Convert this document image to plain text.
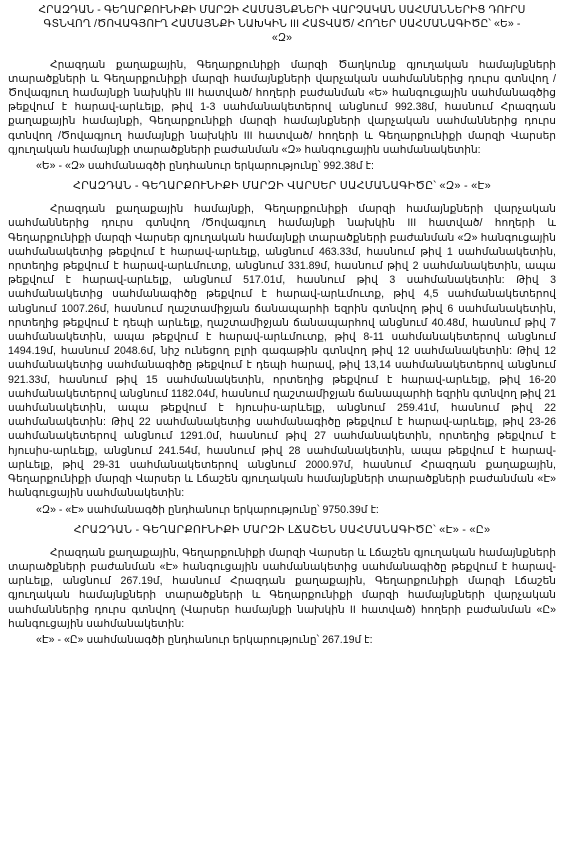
ՀՐԱԶԴԱՆ - ԳԵՂԱՐՔՈՒՆԻՔԻ ՄԱՐԶԻ ՀԱՄԱՅՆՔՆԵՐԻ ՎԱՐՉԱԿԱՆ ՍԱՀՄԱՆՆԵՐԻՑ ԴՈՒՐՍ
ԳՏՆՎՈՂ /ԾՈՎԱԳՅՈՒՂ ՀԱՄԱՅՆՔԻ ՆԱԽԿԻՆ III ՀԱՏՎԱԾ/ ՀՈՂԵՐ ՍԱՀՄԱՆԱԳԻԾԸ՝ «Ե» -
«Զ»

Հրազդան քաղաքային, Գեղարքունիքի մարզի Ծաղկունք գյուղական համայնքների տարածքների և Գեղարքունիքի մարզի համայնքների վարչական սահմաններից դուրս գտնվող /Ծովագյուղ համայնքի նախկին III հատված/ հողերի բաժանման «Ե» հանգուցային սահմանագծից թեքվում է հարավ-արևելք, թիվ 1-3 սահմանակետերով անցնում 992.38մ, հասնում Հրազդան քաղաքային համայնքի, Գեղարքունիքի մարզի համայնքների վարչական սահմաններից դուրս գտնվող /Ծովագյուղ համայնքի նախկին III հատված/ հողերի և Գեղարքունիքի մարզի Վարսեր գյուղական համայնքի տարածքների բաժանման «Զ» հանգուցային սահմանակետին:

«Ե» - «Զ» սահմանագծի ընդհանուր երկարությունը՝ 992.38մ է:

ՀՐԱԶԴԱՆ - ԳԵՂԱՐՔՈՒՆԻՔԻ ՄԱՐԶԻ ՎԱՐՍԵՐ ՍԱՀՄԱՆԱԳԻԾԸ՝ «Զ» - «Է»

Հրազդան քաղաքային համայնքի, Գեղարքունիքի մարզի համայնքների վարչական սահմաններից դուրս գտնվող /Ծովագյուղ համայնքի նախկին III հատված/ հողերի և Գեղարքունիքի մարզի Վարսեր գյուղական համայնքի տարածքների բաժանման «Զ» հանգուցային սահմանակետից թեքվում է հարավ-արևելք, անցնում 463.33մ, հասնում թիվ 1 սահմանակետին, որտեղից թեքվում է հարավ-արևմուտք, անցնում 331.89մ, հասնում թիվ 2 սահմանակետին, ապա թեքվում է հարավ-արևելք, անցնում 517.01մ, հասնում թիվ 3 սահմանակետին: Թիվ 3 սահմանակետից սահմանագիծը թեքվում է հարավ-արևմուտք, թիվ 4,5 սահմանակետերով անցնում 1007.26մ, հասնում ղաշտամիջյան ճանապարհի եզրին գտնվող թիվ 6 սահմանակետին, որտեղից թեքվում է դեպի արևելք, ղաշտամիջյան ճանապարհով անցնում 40.48մ, հասնում թիվ 7 սահմանակետին, ապա թեքվում է հարավ-արևմուտք, թիվ 8-11 սահմանակետերով անցնում 1494.19մ, հասնում 2048.6մ, նիշ ունեցող բլրի գագաթին գտնվող թիվ 12 սահմանակետին: Թիվ 12 սահմանակետից սահմանագիծը թեքվում է դեպի հարավ, թիվ 13,14 սահմանակետերով անցնում 921.33մ, հասնում թիվ 15 սահմանակետին, որտեղից թեքվում է հարավ-արևելք, թիվ 16-20 սահմանակետերով անցնում 1182.04մ, հասնում ղաշտամիջյան ճանապարհի եզրին գտնվող թիվ 21 սահմանակետին, ապա թեքվում է հյուսիս-արևելք, անցնում 259.41մ, հասնում թիվ 22 սահմանակետին: Թիվ 22 սահմանակետից սահմանագիծը թեքվում է հարավ-արևելք, թիվ 23-26 սահմանակետերով անցնում 1291.0մ, հասնում թիվ 27 սահմանակետին, որտեղից թեքվում է հյուսիս-արևելք, անցնում 241.54մ, հասնում թիվ 28 սահմանակետին, ապա թեքվում է հարավ-արևելք, թիվ 29-31 սահմանակետերով անցնում 2000.97մ, հասնում Հրազդան քաղաքային, Գեղարքունիքի մարզի Վարսեր և Լճաշեն գյուղական համայնքների տարածքների բաժանման «Է» հանգուցային սահմանակետին:

«Զ» - «Է» սահմանագծի ընդհանուր երկարությունը՝ 9750.39մ է:

ՀՐԱԶԴԱՆ - ԳԵՂԱՐՔՈՒՆԻՔԻ ՄԱՐԶԻ ԼՃԱՇԵՆ ՍԱՀՄԱՆԱԳԻԾԸ՝ «Է» - «Ը»

Հրազդան քաղաքային, Գեղարքունիքի մարզի Վարսեր և Լճաշեն գյուղական համայնքների տարածքների բաժանման «Է» հանգուցային սահմանակետից սահմանագիծը թեքվում է հարավ-արևելք, անցնում 267.19մ, հասնում Հրազդան քաղաքային, Գեղարքունիքի մարզի Լճաշեն գյուղական համայնքների տարածքների և Գեղարքունիքի մարզի համայնքների վարչական սահմաններից դուրս գտնվող (Վարսեր համայնքի նախկին II հատված) հողերի բաժանման «Ը» հանգուցային սահմանակետին:

«Է» - «Ը» սահմանագծի ընդհանուր երկարությունը՝ 267.19մ է:
